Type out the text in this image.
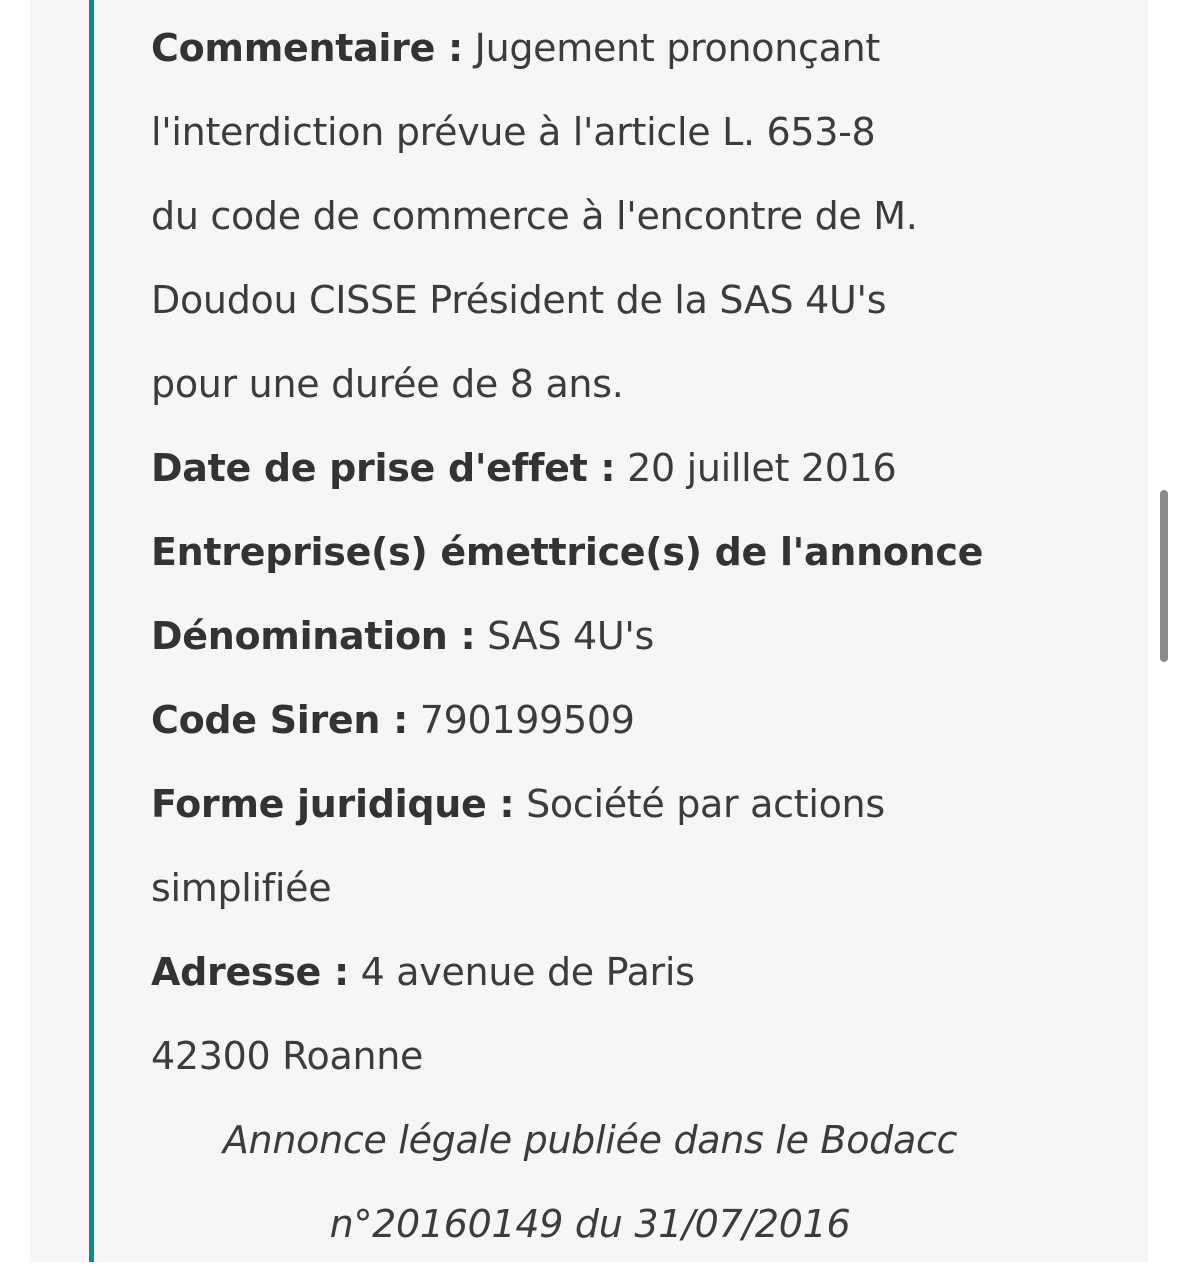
Commentaire : Jugement prononçant
l'interdiction prévue à l'article L. 653-8
du code de commerce à l'encontre de M.
Doudou CISSE Président de la SAS 4U's
pour une durée de 8 ans.
Date de prise d'effet : 20 juillet 2016
Entreprise(s) émettrice(s) de l'annonce
Dénomination : SAS 4U's
Code Siren : 790199509
Forme juridique : Société par actions
simplifiée
Adresse : 4 avenue de Paris
42300 Roanne
Annonce légale publiée dans le Bodacc
n°20160149 du 31/07/2016
